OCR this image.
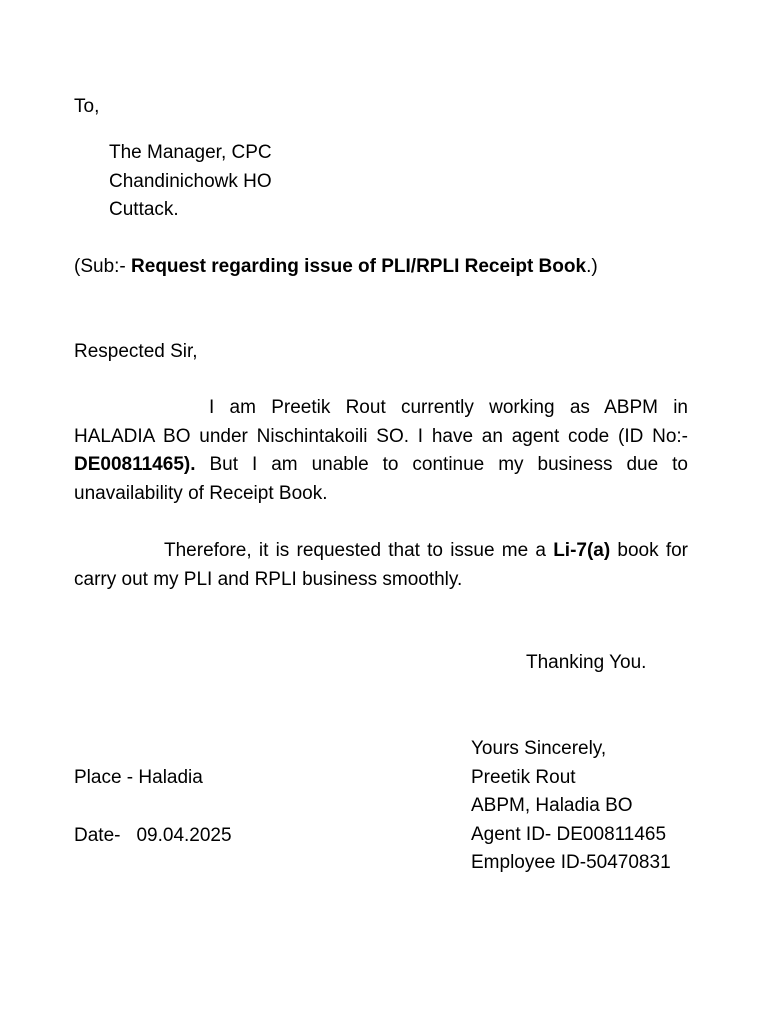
To,
The Manager, CPC
Chandinichowk HO
Cuttack.
(Sub:- Request regarding issue of PLI/RPLI Receipt Book.)
Respected Sir,
I am Preetik Rout currently working as ABPM in HALADIA BO under Nischintakoili SO. I have an agent code (ID No:-DE00811465). But I am unable to continue my business due to unavailability of Receipt Book.
Therefore, it is requested that to issue me a Li-7(a) book for carry out my PLI and RPLI business smoothly.
Thanking You.
Place - Haladia
Date- 09.04.2025
Yours Sincerely,
Preetik Rout
ABPM, Haladia BO
Agent ID- DE00811465
Employee ID-50470831
